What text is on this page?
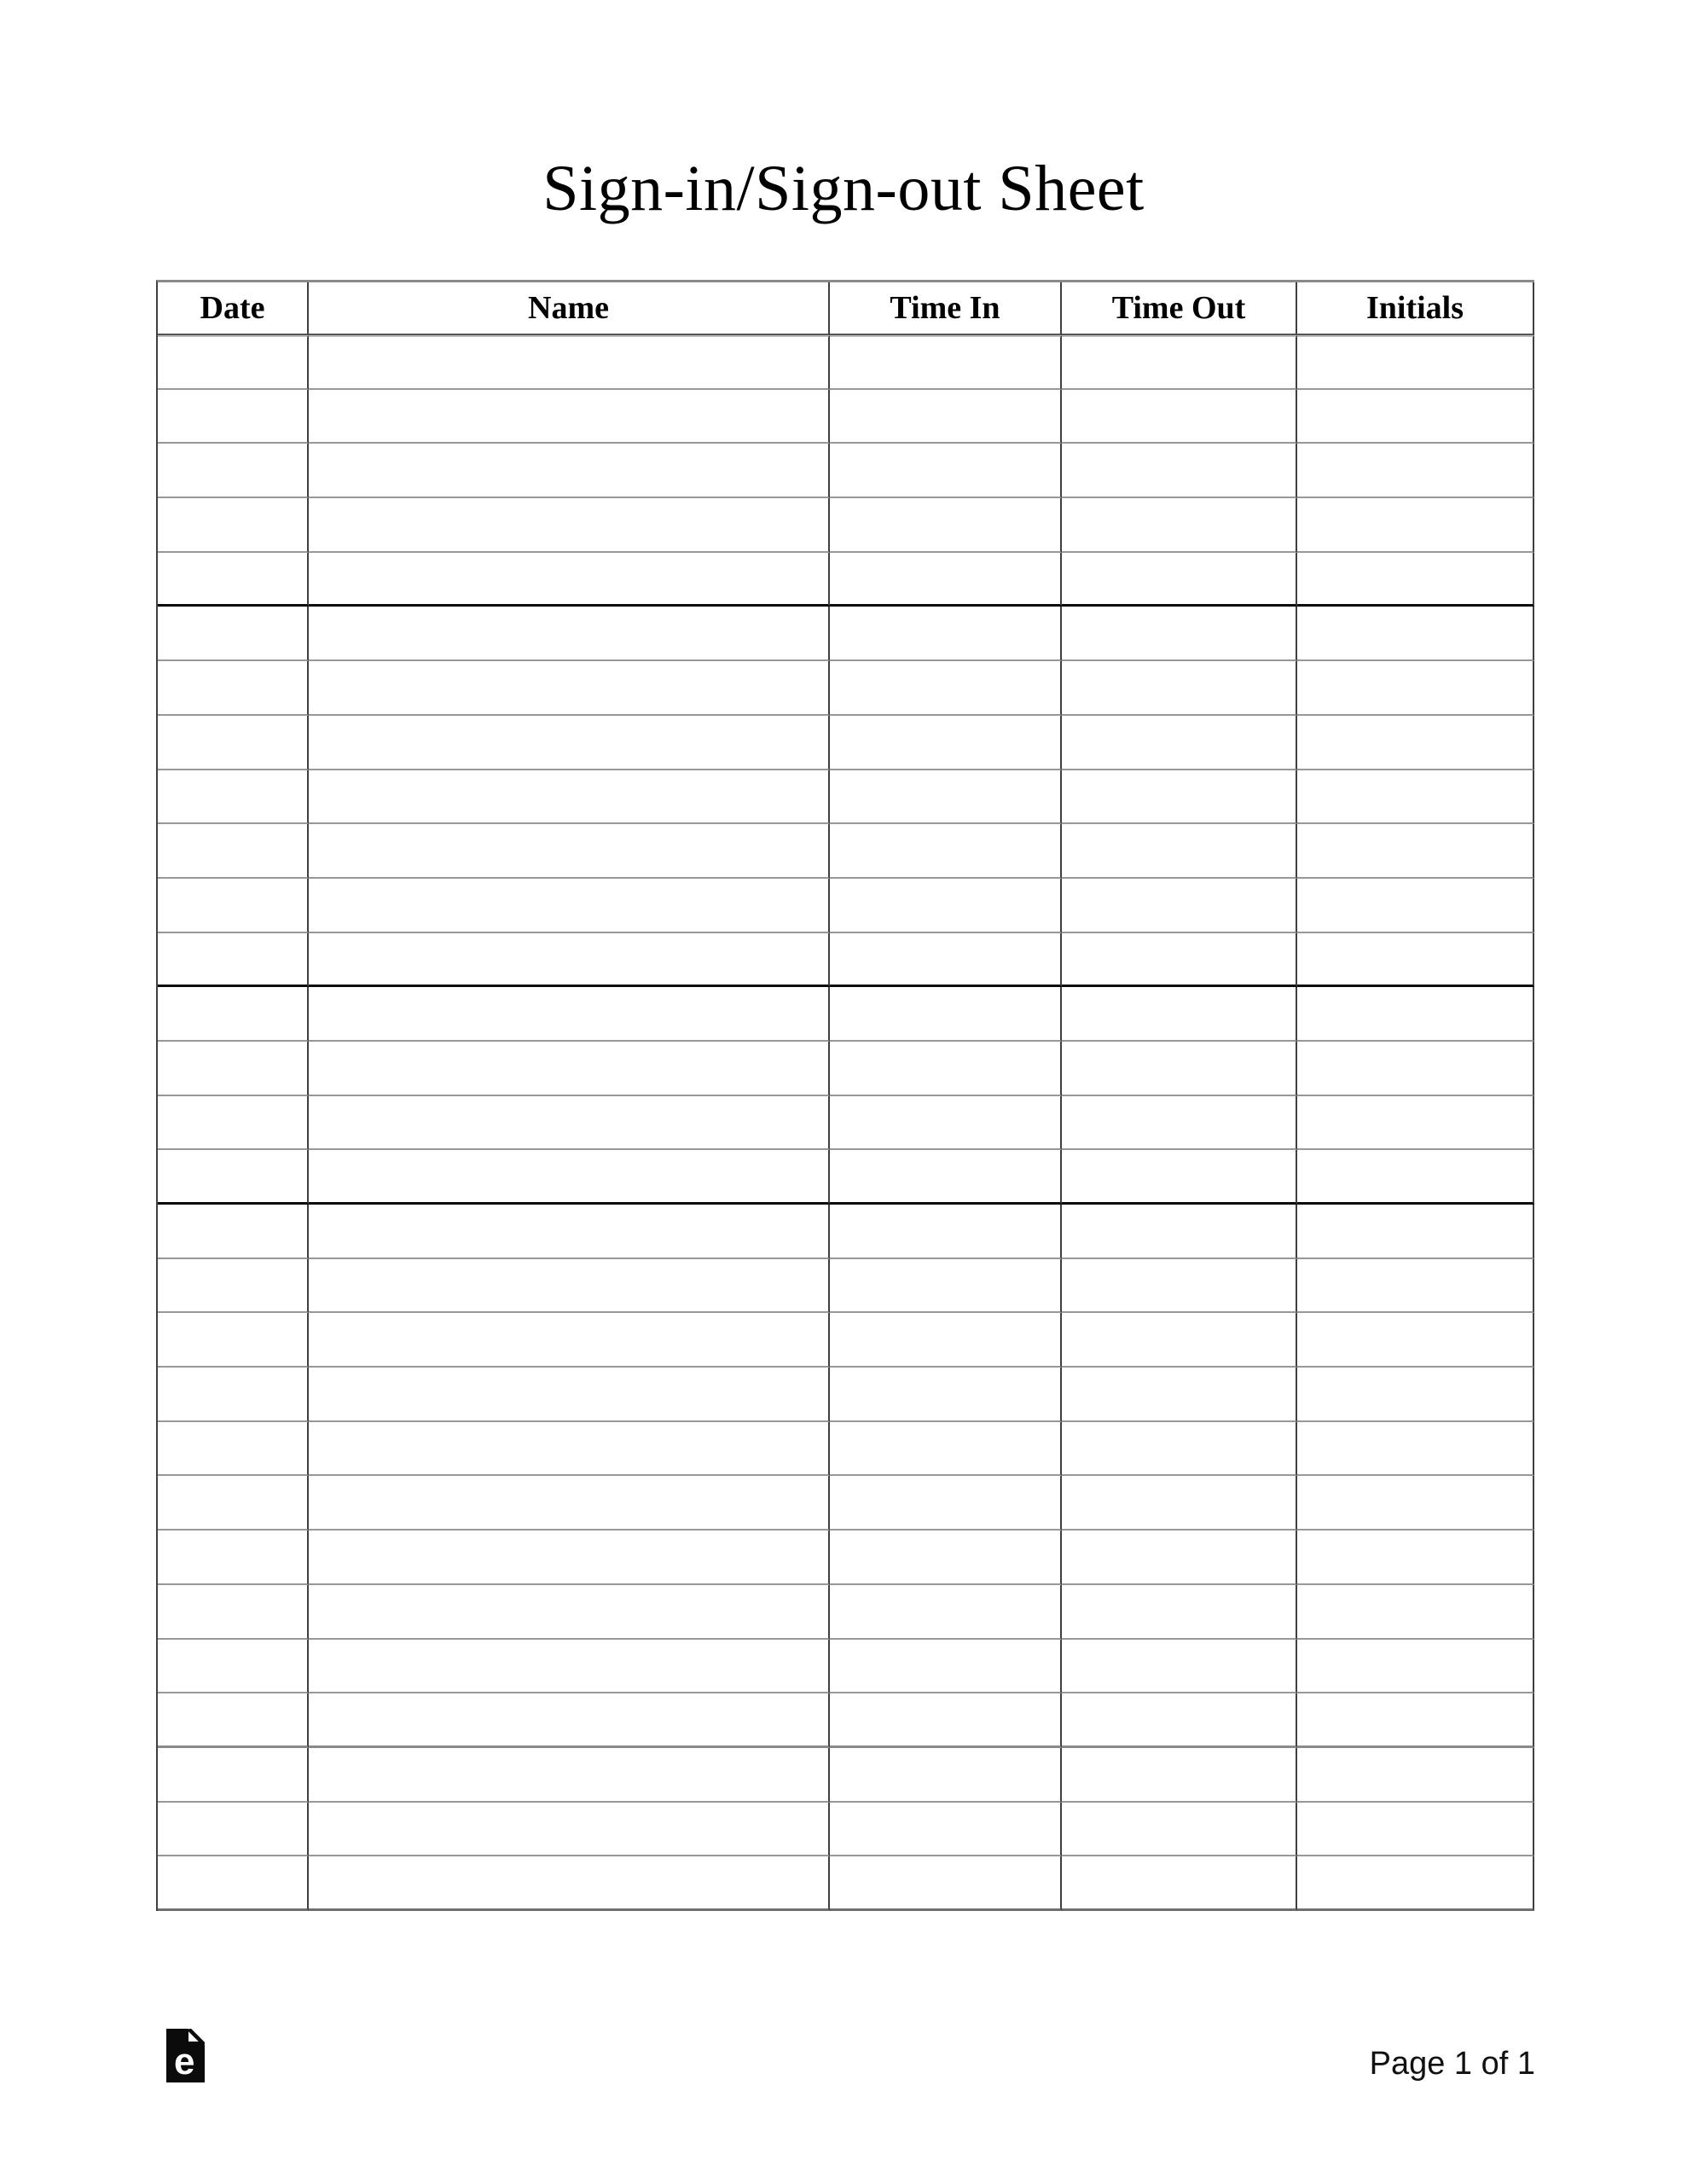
Sign-in/Sign-out Sheet
Date	Name	Time In	Time Out	Initials

e	Page 1 of 1
